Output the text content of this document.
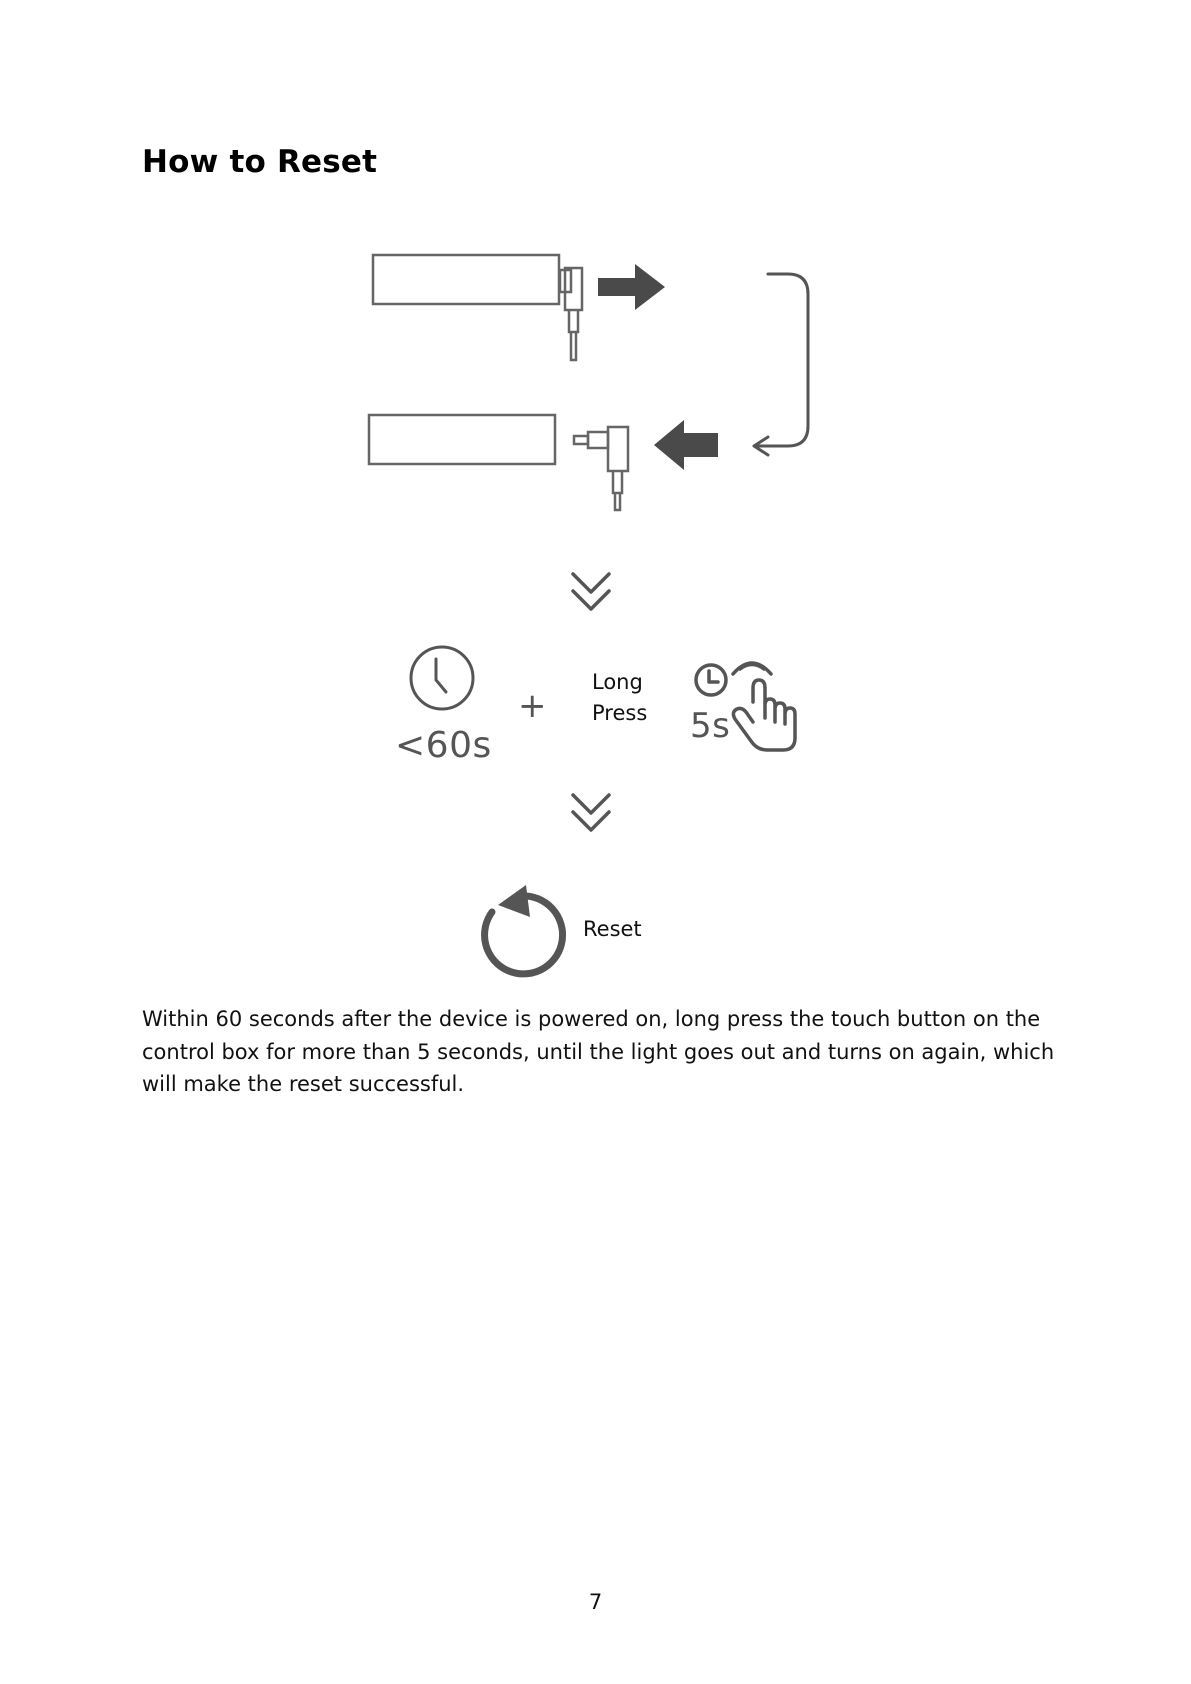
How to Reset
<60s
+
Long
Press 5s
Reset

Within 60 seconds after the device is powered on, long press the touch button on the control box for more than 5 seconds, until the light goes out and turns on again, which will make the reset successful.

7
